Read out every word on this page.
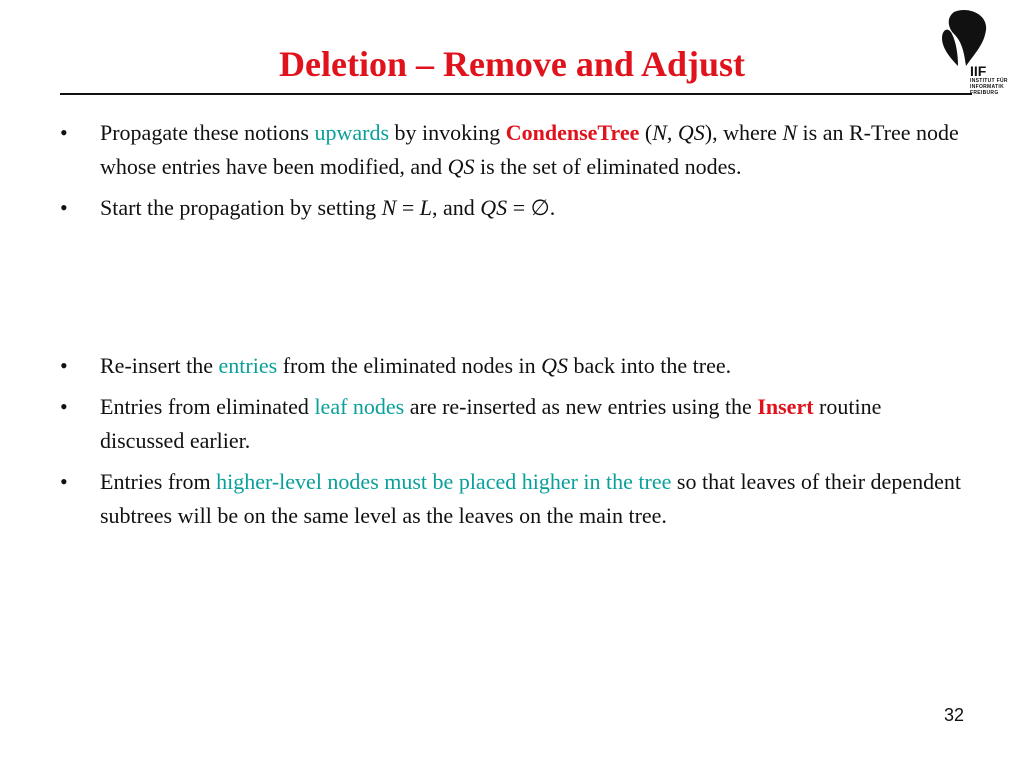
Deletion – Remove and Adjust	IIF
INSTITUT FÜR INFORMATIK FREIBURG
• Propagate these notions upwards by invoking CondenseTree (N, QS), where N is an R-Tree node whose entries have been modified, and QS is the set of eliminated nodes.
• Start the propagation by setting N = L, and QS = ∅.
• Re-insert the entries from the eliminated nodes in QS back into the tree.
• Entries from eliminated leaf nodes are re-inserted as new entries using the Insert routine discussed earlier.
• Entries from higher-level nodes must be placed higher in the tree so that leaves of their dependent subtrees will be on the same level as the leaves on the main tree.
32
